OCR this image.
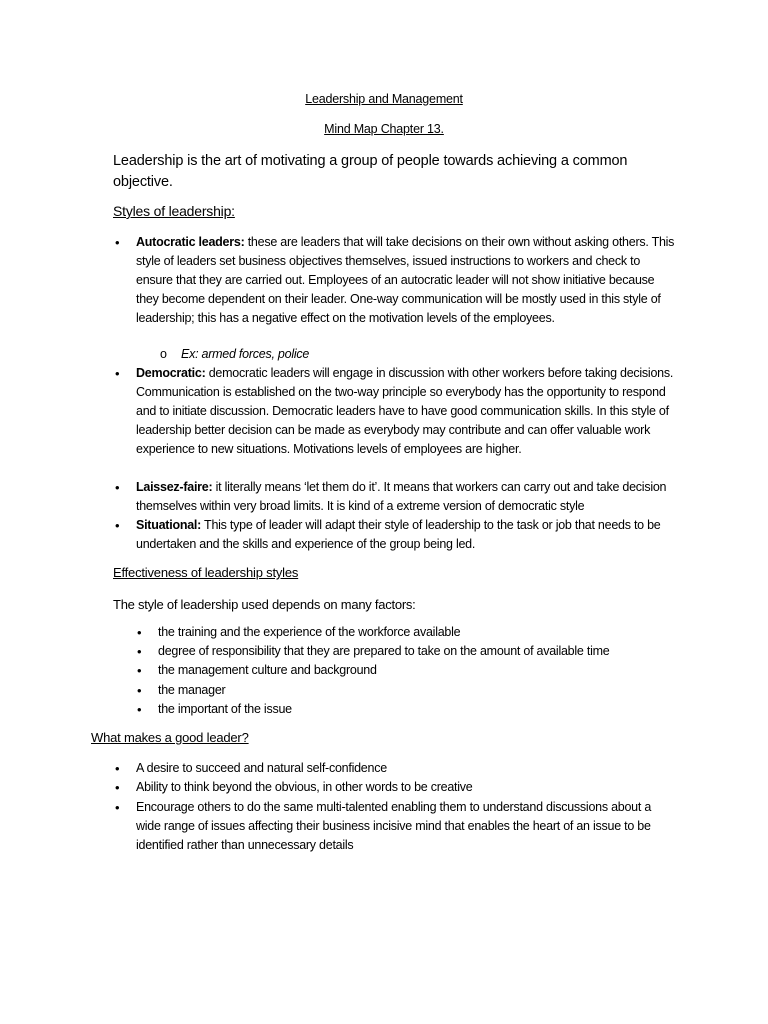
Leadership and Management

Mind Map Chapter 13.

Leadership is the art of motivating a group of people towards achieving a common objective.

Styles of leadership:

• Autocratic leaders: these are leaders that will take decisions on their own without asking others. This style of leaders set business objectives themselves, issued instructions to workers and check to ensure that they are carried out. Employees of an autocratic leader will not show initiative because they become dependent on their leader. One-way communication will be mostly used in this style of leadership; this has a negative effect on the motivation levels of the employees.

o Ex: armed forces, police

• Democratic: democratic leaders will engage in discussion with other workers before taking decisions. Communication is established on the two-way principle so everybody has the opportunity to respond and to initiate discussion. Democratic leaders have to have good communication skills. In this style of leadership better decision can be made as everybody may contribute and can offer valuable work experience to new situations. Motivations levels of employees are higher.

• Laissez-faire: it literally means ‘let them do it’. It means that workers can carry out and take decision themselves within very broad limits. It is kind of a extreme version of democratic style

• Situational: This type of leader will adapt their style of leadership to the task or job that needs to be undertaken and the skills and experience of the group being led.

Effectiveness of leadership styles

The style of leadership used depends on many factors:

• the training and the experience of the workforce available

• degree of responsibility that they are prepared to take on the amount of available time

• the management culture and background

• the manager

• the important of the issue

What makes a good leader?

• A desire to succeed and natural self-confidence

• Ability to think beyond the obvious, in other words to be creative

• Encourage others to do the same multi-talented enabling them to understand discussions about a wide range of issues affecting their business incisive mind that enables the heart of an issue to be identified rather than unnecessary details
